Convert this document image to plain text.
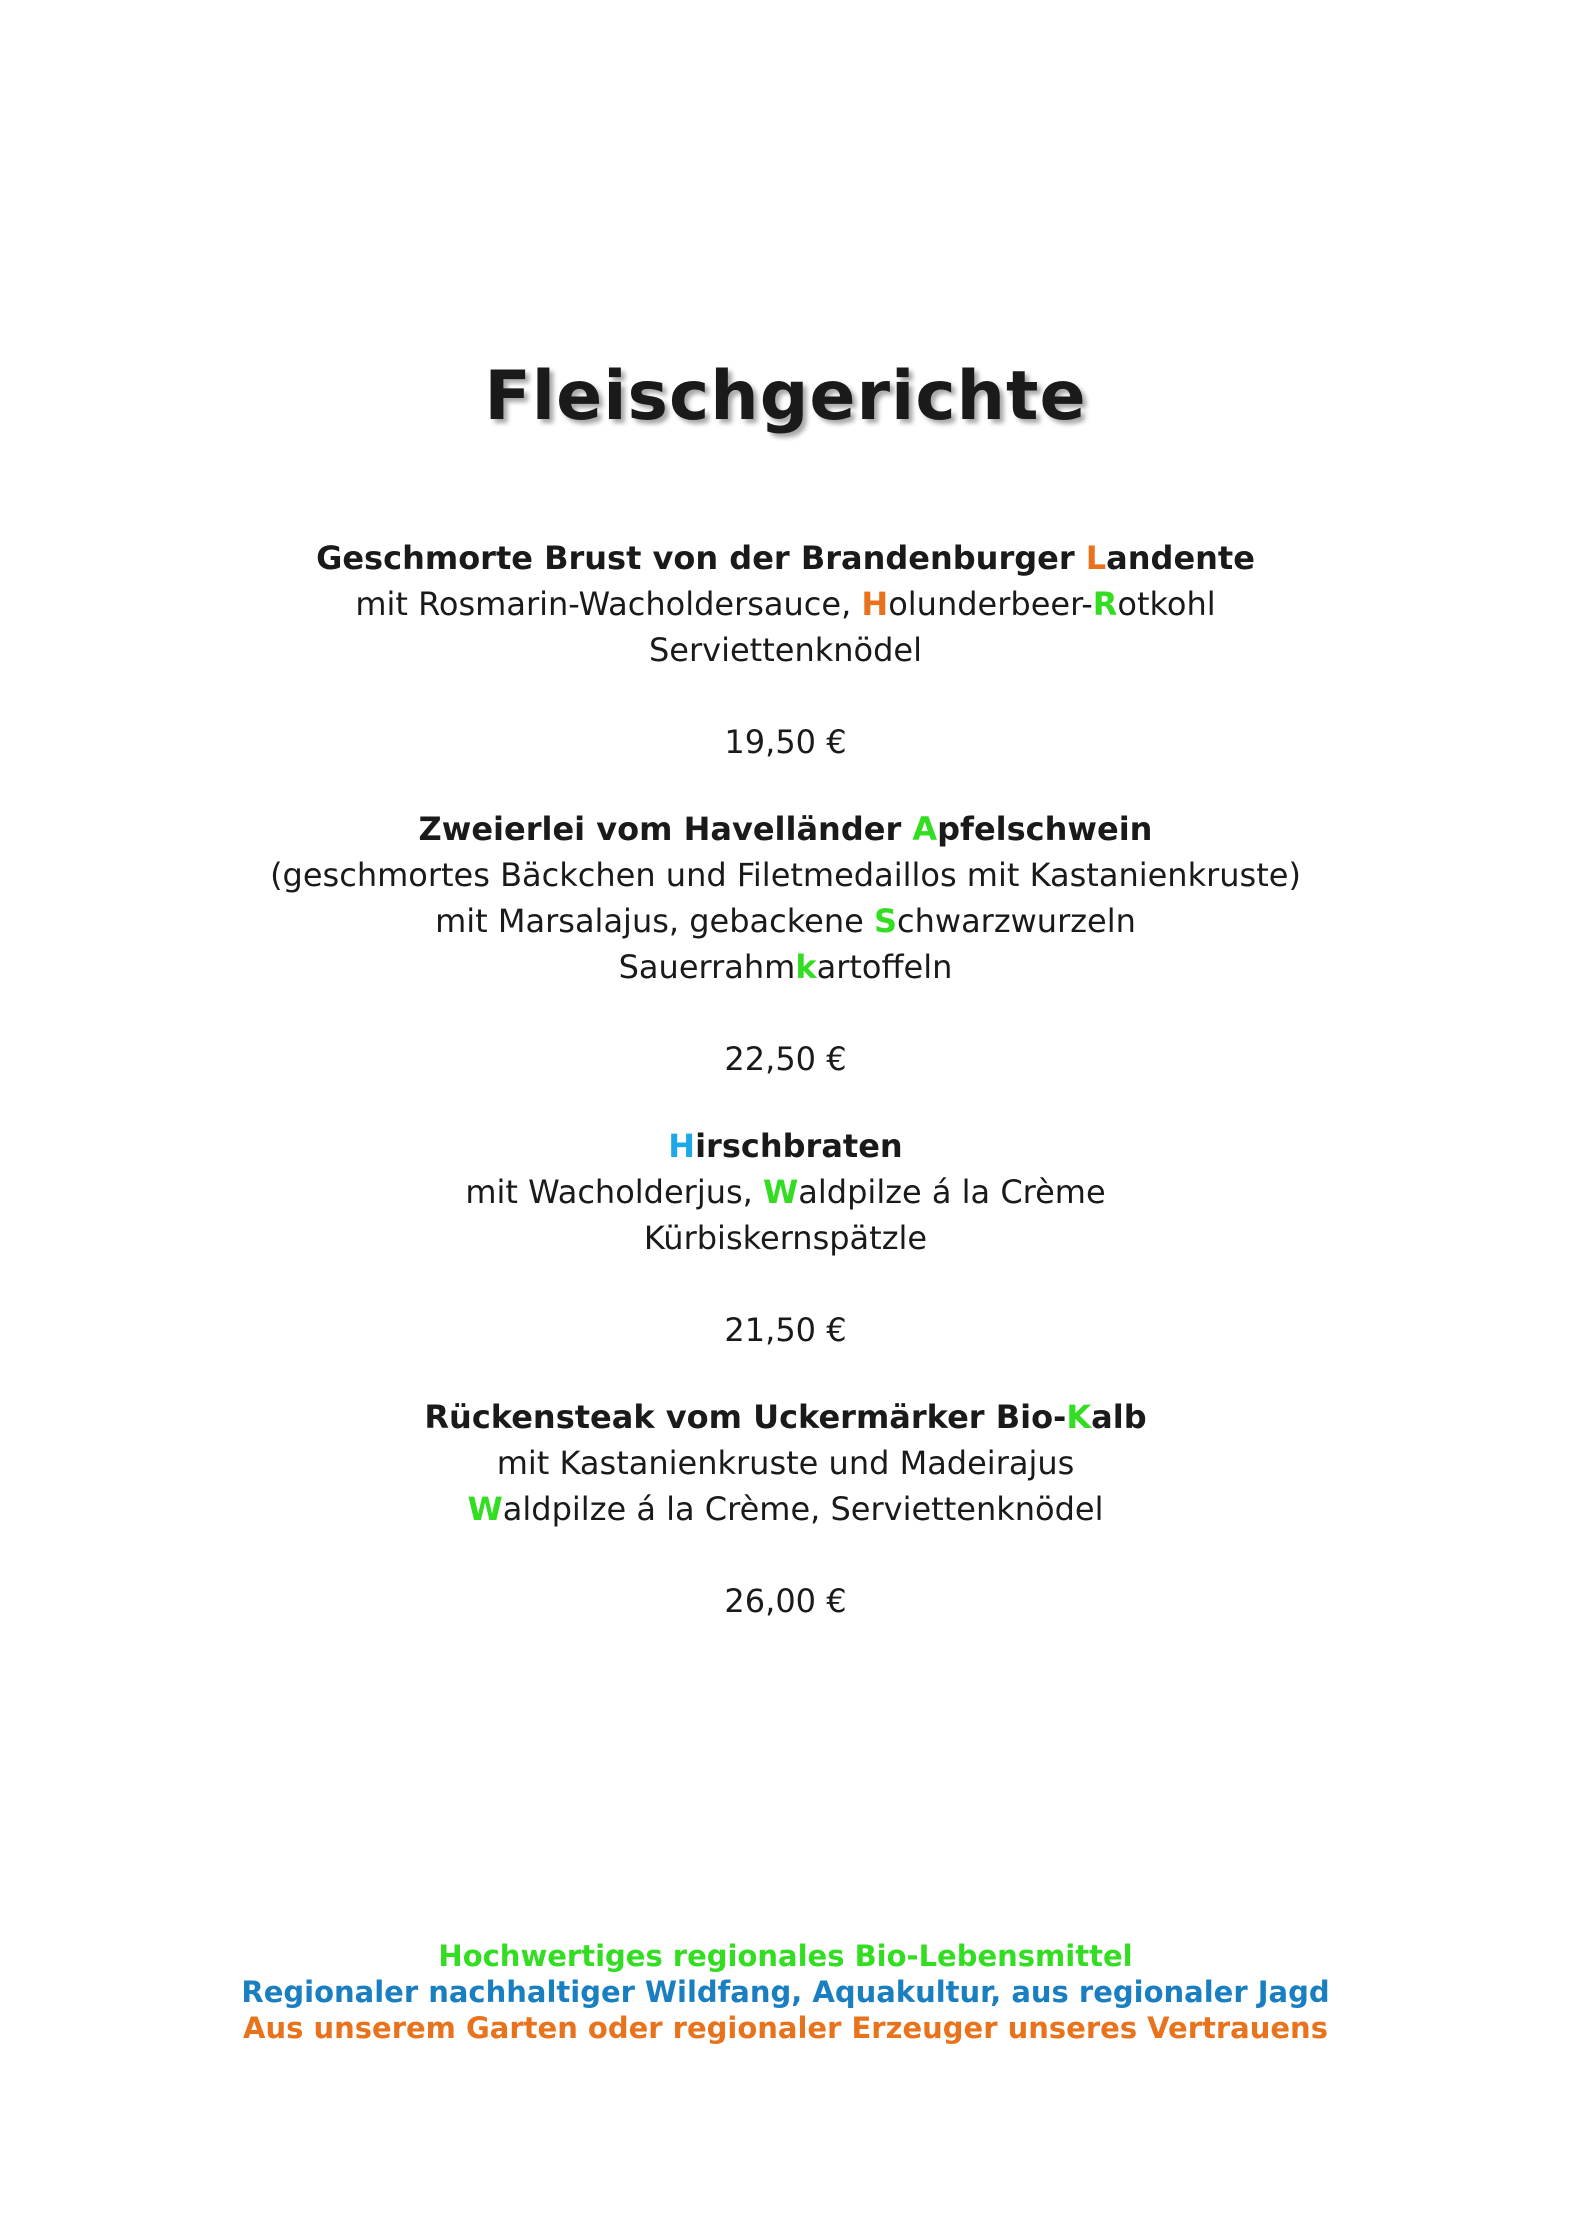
Fleischgerichte
Geschmorte Brust von der Brandenburger Landente
mit Rosmarin-Wacholdersauce, Holunderbeer-Rotkohl
Serviettenknödel
19,50 €
Zweierlei vom Havelländer Apfelschwein
(geschmortes Bäckchen und Filetmedaillos mit Kastanienkruste)
mit Marsalajus, gebackene Schwarzwurzeln
Sauerrahmkartoffeln
22,50 €
Hirschbraten
mit Wacholderjus, Waldpilze á la Crème
Kürbiskernspätzle
21,50 €
Rückensteak vom Uckermärker Bio-Kalb
mit Kastanienkruste und Madeirajus
Waldpilze á la Crème, Serviettenknödel
26,00 €
Hochwertiges regionales Bio-Lebensmittel
Regionaler nachhaltiger Wildfang, Aquakultur, aus regionaler Jagd
Aus unserem Garten oder regionaler Erzeuger unseres Vertrauens
